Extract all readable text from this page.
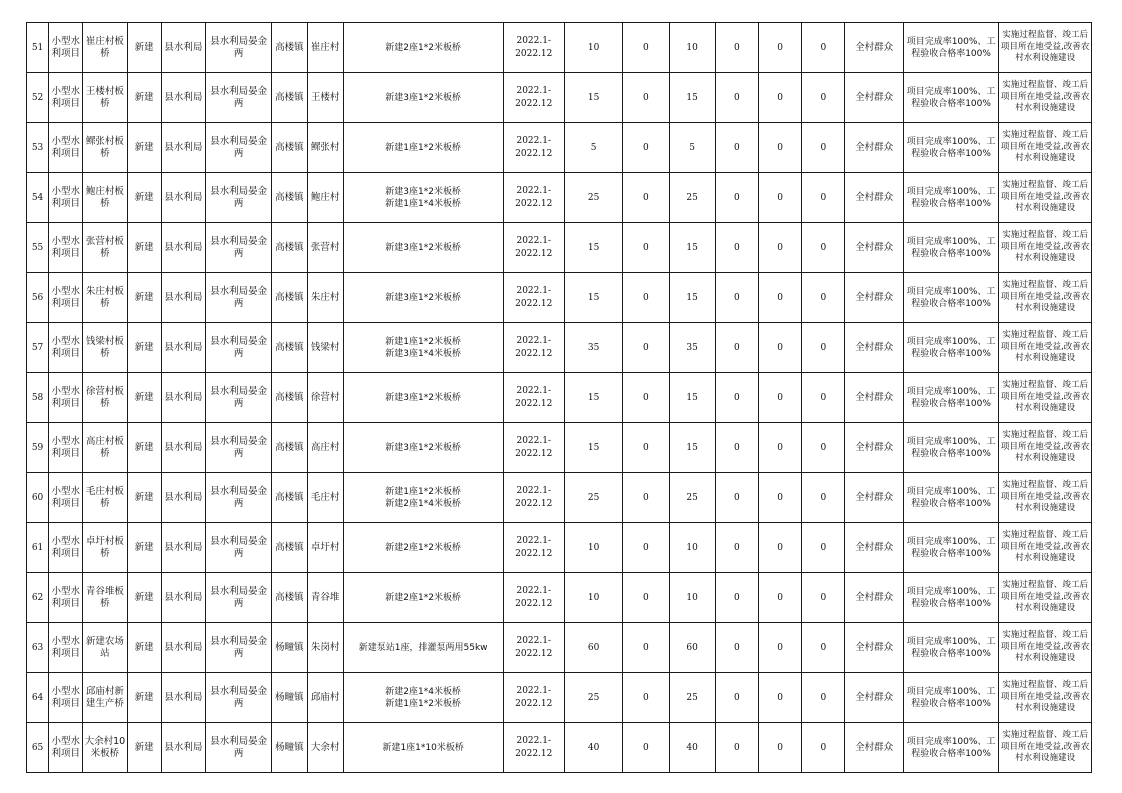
51	小型水利项目	崔庄村板桥	新建	县水利局	县水利局晏金两	高楼镇	崔庄村	新建2座1*2米板桥	2022.1-
2022.12	10	0	10	0	0	0	全村群众	项目完成率100%、工程验收合格率100%	实施过程监督、竣工后项目所在地受益,改善农村水利设施建设
52	小型水利项目	王楼村板桥	新建	县水利局	县水利局晏金两	高楼镇	王楼村	新建3座1*2米板桥	2022.1-
2022.12	15	0	15	0	0	0	全村群众	项目完成率100%、工程验收合格率100%	实施过程监督、竣工后项目所在地受益,改善农村水利设施建设
53	小型水利项目	鳏张村板桥	新建	县水利局	县水利局晏金两	高楼镇	鳏张村	新建1座1*2米板桥	2022.1-
2022.12	5	0	5	0	0	0	全村群众	项目完成率100%、工程验收合格率100%	实施过程监督、竣工后项目所在地受益,改善农村水利设施建设
54	小型水利项目	鲍庄村板桥	新建	县水利局	县水利局晏金两	高楼镇	鲍庄村	新建3座1*2米板桥
新建1座1*4米板桥	2022.1-
2022.12	25	0	25	0	0	0	全村群众	项目完成率100%、工程验收合格率100%	实施过程监督、竣工后项目所在地受益,改善农村水利设施建设
55	小型水利项目	张营村板桥	新建	县水利局	县水利局晏金两	高楼镇	张营村	新建3座1*2米板桥	2022.1-
2022.12	15	0	15	0	0	0	全村群众	项目完成率100%、工程验收合格率100%	实施过程监督、竣工后项目所在地受益,改善农村水利设施建设
56	小型水利项目	朱庄村板桥	新建	县水利局	县水利局晏金两	高楼镇	朱庄村	新建3座1*2米板桥	2022.1-
2022.12	15	0	15	0	0	0	全村群众	项目完成率100%、工程验收合格率100%	实施过程监督、竣工后项目所在地受益,改善农村水利设施建设
57	小型水利项目	钱梁村板桥	新建	县水利局	县水利局晏金两	高楼镇	钱梁村	新建1座1*2米板桥
新建3座1*4米板桥	2022.1-
2022.12	35	0	35	0	0	0	全村群众	项目完成率100%、工程验收合格率100%	实施过程监督、竣工后项目所在地受益,改善农村水利设施建设
58	小型水利项目	徐营村板桥	新建	县水利局	县水利局晏金两	高楼镇	徐营村	新建3座1*2米板桥	2022.1-
2022.12	15	0	15	0	0	0	全村群众	项目完成率100%、工程验收合格率100%	实施过程监督、竣工后项目所在地受益,改善农村水利设施建设
59	小型水利项目	高庄村板桥	新建	县水利局	县水利局晏金两	高楼镇	高庄村	新建3座1*2米板桥	2022.1-
2022.12	15	0	15	0	0	0	全村群众	项目完成率100%、工程验收合格率100%	实施过程监督、竣工后项目所在地受益,改善农村水利设施建设
60	小型水利项目	毛庄村板桥	新建	县水利局	县水利局晏金两	高楼镇	毛庄村	新建1座1*2米板桥
新建2座1*4米板桥	2022.1-
2022.12	25	0	25	0	0	0	全村群众	项目完成率100%、工程验收合格率100%	实施过程监督、竣工后项目所在地受益,改善农村水利设施建设
61	小型水利项目	卓圩村板桥	新建	县水利局	县水利局晏金两	高楼镇	卓圩村	新建2座1*2米板桥	2022.1-
2022.12	10	0	10	0	0	0	全村群众	项目完成率100%、工程验收合格率100%	实施过程监督、竣工后项目所在地受益,改善农村水利设施建设
62	小型水利项目	青谷堆板桥	新建	县水利局	县水利局晏金两	高楼镇	青谷堆	新建2座1*2米板桥	2022.1-
2022.12	10	0	10	0	0	0	全村群众	项目完成率100%、工程验收合格率100%	实施过程监督、竣工后项目所在地受益,改善农村水利设施建设
63	小型水利项目	新建农场站	新建	县水利局	县水利局晏金两	杨疃镇	朱岗村	新建泵站1座，排灌泵两用55kw	2022.1-
2022.12	60	0	60	0	0	0	全村群众	项目完成率100%、工程验收合格率100%	实施过程监督、竣工后项目所在地受益,改善农村水利设施建设
64	小型水利项目	邱庙村新建生产桥	新建	县水利局	县水利局晏金两	杨疃镇	邱庙村	新建2座1*4米板桥
新建1座1*2米板桥	2022.1-
2022.12	25	0	25	0	0	0	全村群众	项目完成率100%、工程验收合格率100%	实施过程监督、竣工后项目所在地受益,改善农村水利设施建设
65	小型水利项目	大余村10米板桥	新建	县水利局	县水利局晏金两	杨疃镇	大余村	新建1座1*10米板桥	2022.1-
2022.12	40	0	40	0	0	0	全村群众	项目完成率100%、工程验收合格率100%	实施过程监督、竣工后项目所在地受益,改善农村水利设施建设
